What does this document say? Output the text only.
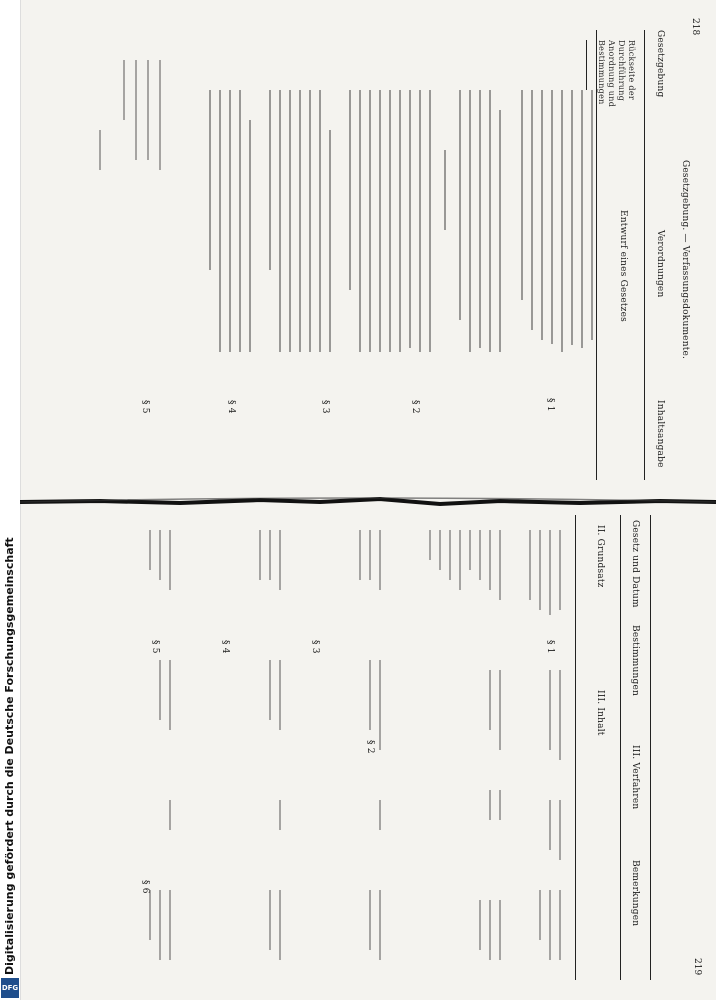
Digitalisierung gefördert durch die Deutsche Forschungsgemeinschaft
DFG
218
219
Gesetzgebung. — Verfassungsdokumente.
Gesetzgebung
Verordnungen
Inhaltsangabe
Entwurf eines Gesetzes
Rückseite der
Durchführung
Anordnung und
Bestimmungen
§ 1
§ 2
§ 3
§ 4
§ 5
Gesetz und Datum
Bestimmungen
III. Verfahren
Bemerkungen
II. Grundsatz
III. Inhalt
§ 1
§ 2
§ 3
§ 4
§ 5
§ 6
